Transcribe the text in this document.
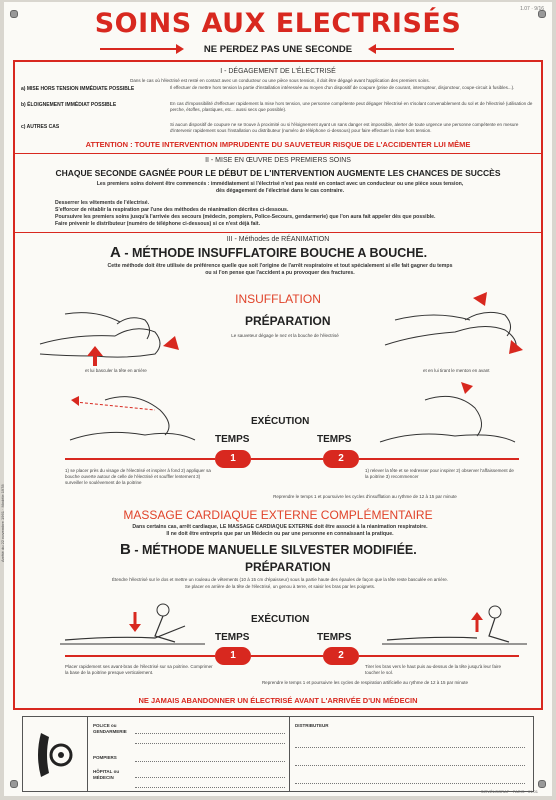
1.07 · 9/16
SOINS AUX ELECTRISÉS
NE PERDEZ PAS UNE SECONDE
I - DÉGAGEMENT DE L'ÉLECTRISÉ
Dans le cas où l'électrisé est resté en contact avec un conducteur ou une pièce sous tension, il doit être dégagé avant l'application des premiers soins.
a) MISE HORS TENSION IMMÉDIATE POSSIBLE	Il effectuer de mettre hors tension la partie d'installation intéressée au moyen d'un dispositif de coupure (prise de courant, interrupteur, disjoncteur, coupe-circuit à fusibles...).
b) ÉLOIGNEMENT IMMÉDIAT POSSIBLE	En cas d'impossibilité d'effectuer rapidement la mise hors tension, une personne compétente peut dégager l'électrisé en s'isolant convenablement du sol et de l'électrisé (utilisation de perche, étoffes, plastiques, etc... aussi secs que possible).
c) AUTRES CAS	Si aucun dispositif de coupure ne se trouve à proximité ou si l'éloignement ayant un sans danger est impossible, alerter de toute urgence une personne compétente en mesure d'intervenir rapidement sous l'installation ou distributeur (numéro de téléphone ci-dessous) pour faire effectuer la mise hors tension.
ATTENTION : TOUTE INTERVENTION IMPRUDENTE DU SAUVETEUR RISQUE DE L'ACCIDENTER LUI MÊME
II - MISE EN ŒUVRE DES PREMIERS SOINS
CHAQUE SECONDE GAGNÉE POUR LE DÉBUT DE L'INTERVENTION AUGMENTE LES CHANCES DE SUCCÈS
Les premiers soins doivent être commencés : immédiatement si l'électrisé n'est pas resté en contact avec un conducteur ou une pièce sous tension,
dès dégagement de l'électrisé dans le cas contraire.
Desserrer les vêtements de l'électrisé.
S'efforcer de rétablir la respiration par l'une des méthodes de réanimation décrites ci-dessous.
Poursuivre les premiers soins jusqu'à l'arrivée des secours (médecin, pompiers, Police-Secours, gendarmerie) que l'on aura fait appeler dès que possible.
Faire prévenir le distributeur (numéro de téléphone ci-dessous) si ce n'est déjà fait.
III - Méthodes de RÉANIMATION
A - MÉTHODE INSUFFLATOIRE BOUCHE A BOUCHE.
Cette méthode doit être utilisée de préférence quelle que soit l'origine de l'arrêt respiratoire et tout spécialement si elle fait gagner du temps
ou si l'on pense que l'accident a pu provoquer des fractures.
INSUFFLATION
PRÉPARATION
Le sauveteur dégage le nez et la bouche de l'électrisé
et lui basculer la tête en arrière	et en lui tirant le menton en avant
EXÉCUTION
TEMPS	TEMPS
1	2
1) se placer près du visage de l'électrisé et inspirer à fond 2) appliquer sa bouche ouverte autour de celle de l'électrisé et souffler lentement 3) surveiller le soulèvement de la poitrine
1) relever la tête et se redresser pour inspirer 2) observer l'affaissement de la poitrine 3) recommencer
Reprendre le temps 1 et poursuivre les cycles d'insufflation au rythme de 12 à 15 par minute
MASSAGE CARDIAQUE EXTERNE COMPLÉMENTAIRE
Dans certains cas, arrêt cardiaque, LE MASSAGE CARDIAQUE EXTERNE doit être associé à la réanimation respiratoire.
Il ne doit être entrepris que par un Médecin ou par une personne en connaissant la pratique.
B - MÉTHODE MANUELLE SILVESTER MODIFIÉE.
PRÉPARATION
Étendre l'électrisé sur le dos et mettre un rouleau de vêtements (10 à 15 cm d'épaisseur) sous la partie haute des épaules de façon que la tête reste basculée en arrière.
Se placer en arrière de la tête de l'électrisé, un genou à terre, et saisir les bras par les poignets.
EXÉCUTION
TEMPS	TEMPS
1	2
Placer rapidement ses avant-bras de l'électrisé sur sa poitrine. Comprimer la base de la poitrine presque verticalement.
Tirer les bras vers le haut puis au-dessus de la tête jusqu'à leur faire toucher le sol.
Reprendre le temps 1 et poursuivre les cycles de respiration artificielle au rythme de 12 à 15 par minute
NE JAMAIS ABANDONNER UN ÉLECTRISÉ AVANT L'ARRIVÉE D'UN MÉDECIN
Arrêté du 22 novembre 1961 · Modèle 1978
POLICE ou GENDARMERIE
POMPIERS
HÔPITAL ou MÉDECIN
DISTRIBUTEUR
SIRVÉLOGRAF · PARIS · 01.01
